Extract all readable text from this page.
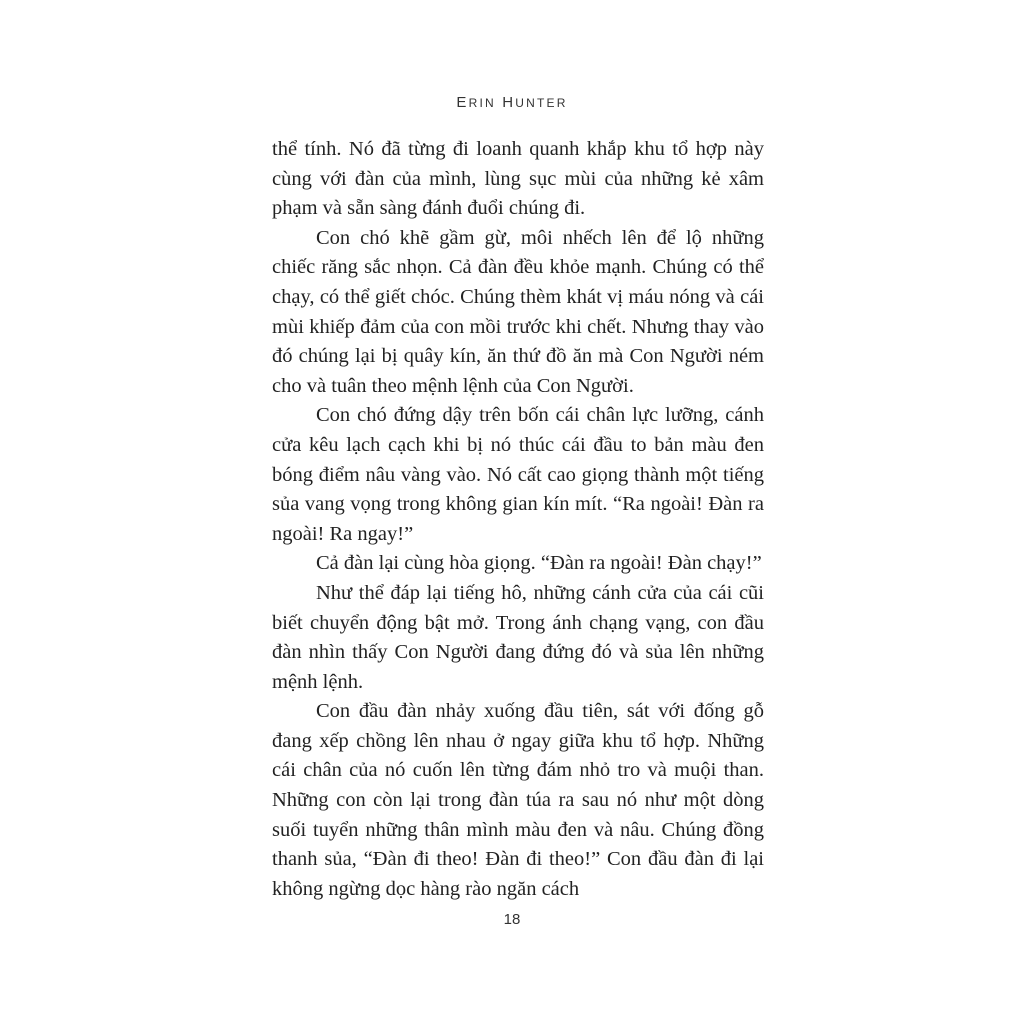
ERIN HUNTER

thể tính. Nó đã từng đi loanh quanh khắp khu tổ hợp này cùng với đàn của mình, lùng sục mùi của những kẻ xâm phạm và sẵn sàng đánh đuổi chúng đi.

Con chó khẽ gầm gừ, môi nhếch lên để lộ những chiếc răng sắc nhọn. Cả đàn đều khỏe mạnh. Chúng có thể chạy, có thể giết chóc. Chúng thèm khát vị máu nóng và cái mùi khiếp đảm của con mồi trước khi chết. Nhưng thay vào đó chúng lại bị quây kín, ăn thứ đồ ăn mà Con Người ném cho và tuân theo mệnh lệnh của Con Người.

Con chó đứng dậy trên bốn cái chân lực lưỡng, cánh cửa kêu lạch cạch khi bị nó thúc cái đầu to bản màu đen bóng điểm nâu vàng vào. Nó cất cao giọng thành một tiếng sủa vang vọng trong không gian kín mít. “Ra ngoài! Đàn ra ngoài! Ra ngay!”

Cả đàn lại cùng hòa giọng. “Đàn ra ngoài! Đàn chạy!”

Như thể đáp lại tiếng hô, những cánh cửa của cái cũi biết chuyển động bật mở. Trong ánh chạng vạng, con đầu đàn nhìn thấy Con Người đang đứng đó và sủa lên những mệnh lệnh.

Con đầu đàn nhảy xuống đầu tiên, sát với đống gỗ đang xếp chồng lên nhau ở ngay giữa khu tổ hợp. Những cái chân của nó cuốn lên từng đám nhỏ tro và muội than. Những con còn lại trong đàn túa ra sau nó như một dòng suối tuyển những thân mình màu đen và nâu. Chúng đồng thanh sủa, “Đàn đi theo! Đàn đi theo!” Con đầu đàn đi lại không ngừng dọc hàng rào ngăn cách

18
